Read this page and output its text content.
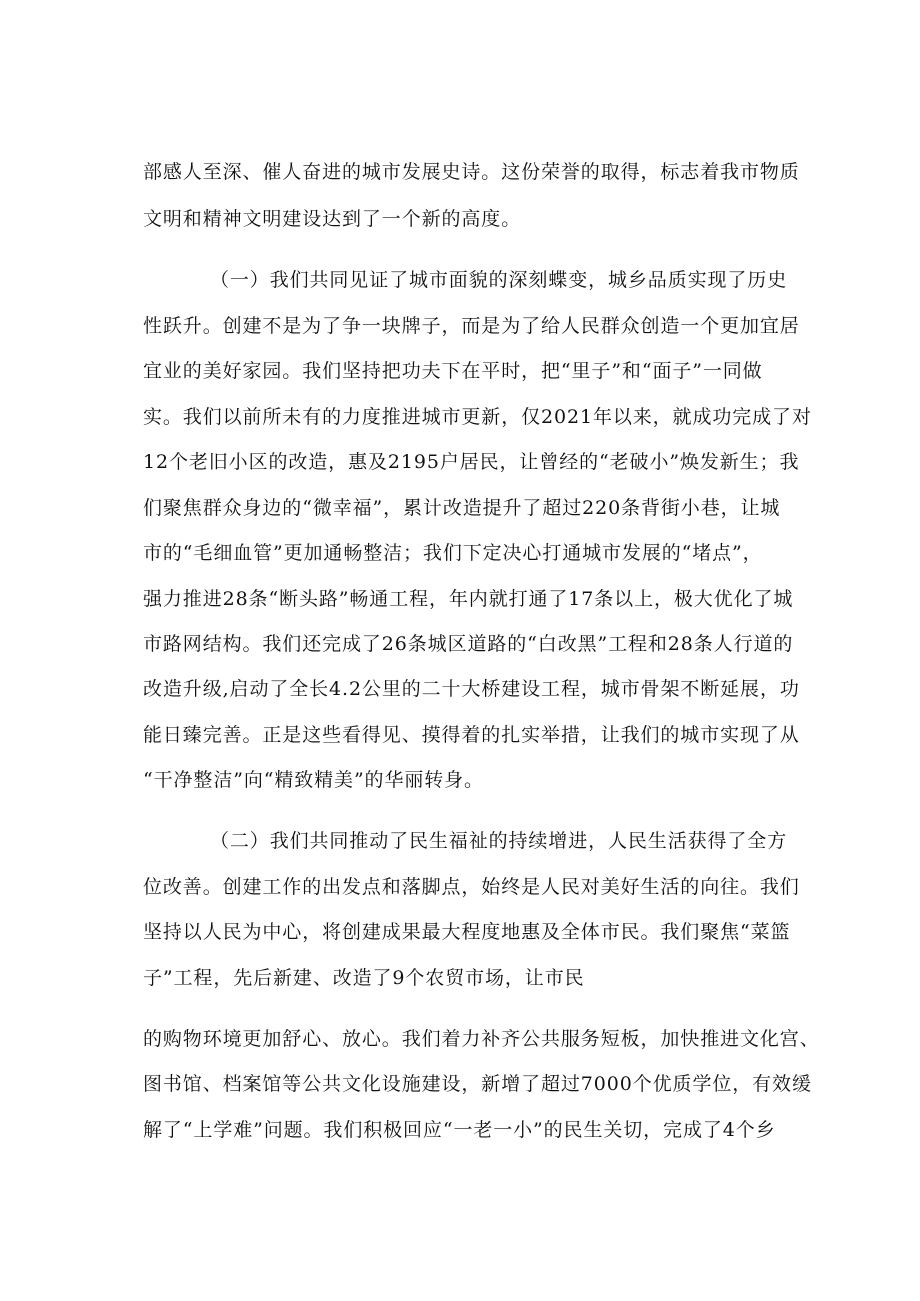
部感人至深、催人奋进的城市发展史诗。这份荣誉的取得，标志着我市物质

文明和精神文明建设达到了一个新的高度。

（一）我们共同见证了城市面貌的深刻蝶变，城乡品质实现了历史

性跃升。创建不是为了争一块牌子，而是为了给人民群众创造一个更加宜居

宜业的美好家园。我们坚持把功夫下在平时，把“里子”和“面子”一同做

实。我们以前所未有的力度推进城市更新，仅2021年以来，就成功完成了对

12个老旧小区的改造，惠及2195户居民，让曾经的“老破小”焕发新生；我

们聚焦群众身边的“微幸福”，累计改造提升了超过220条背街小巷，让城

市的“毛细血管”更加通畅整洁；我们下定决心打通城市发展的“堵点”，

强力推进28条“断头路”畅通工程，年内就打通了17条以上，极大优化了城

市路网结构。我们还完成了26条城区道路的“白改黑”工程和28条人行道的

改造升级,启动了全长4.2公里的二十大桥建设工程，城市骨架不断延展，功

能日臻完善。正是这些看得见、摸得着的扎实举措，让我们的城市实现了从

“干净整洁”向“精致精美”的华丽转身。

（二）我们共同推动了民生福祉的持续增进，人民生活获得了全方

位改善。创建工作的出发点和落脚点，始终是人民对美好生活的向往。我们

坚持以人民为中心，将创建成果最大程度地惠及全体市民。我们聚焦“菜篮

子”工程，先后新建、改造了9个农贸市场，让市民

的购物环境更加舒心、放心。我们着力补齐公共服务短板，加快推进文化宫、

图书馆、档案馆等公共文化设施建设，新增了超过7000个优质学位，有效缓

解了“上学难”问题。我们积极回应“一老一小”的民生关切，完成了4个乡
